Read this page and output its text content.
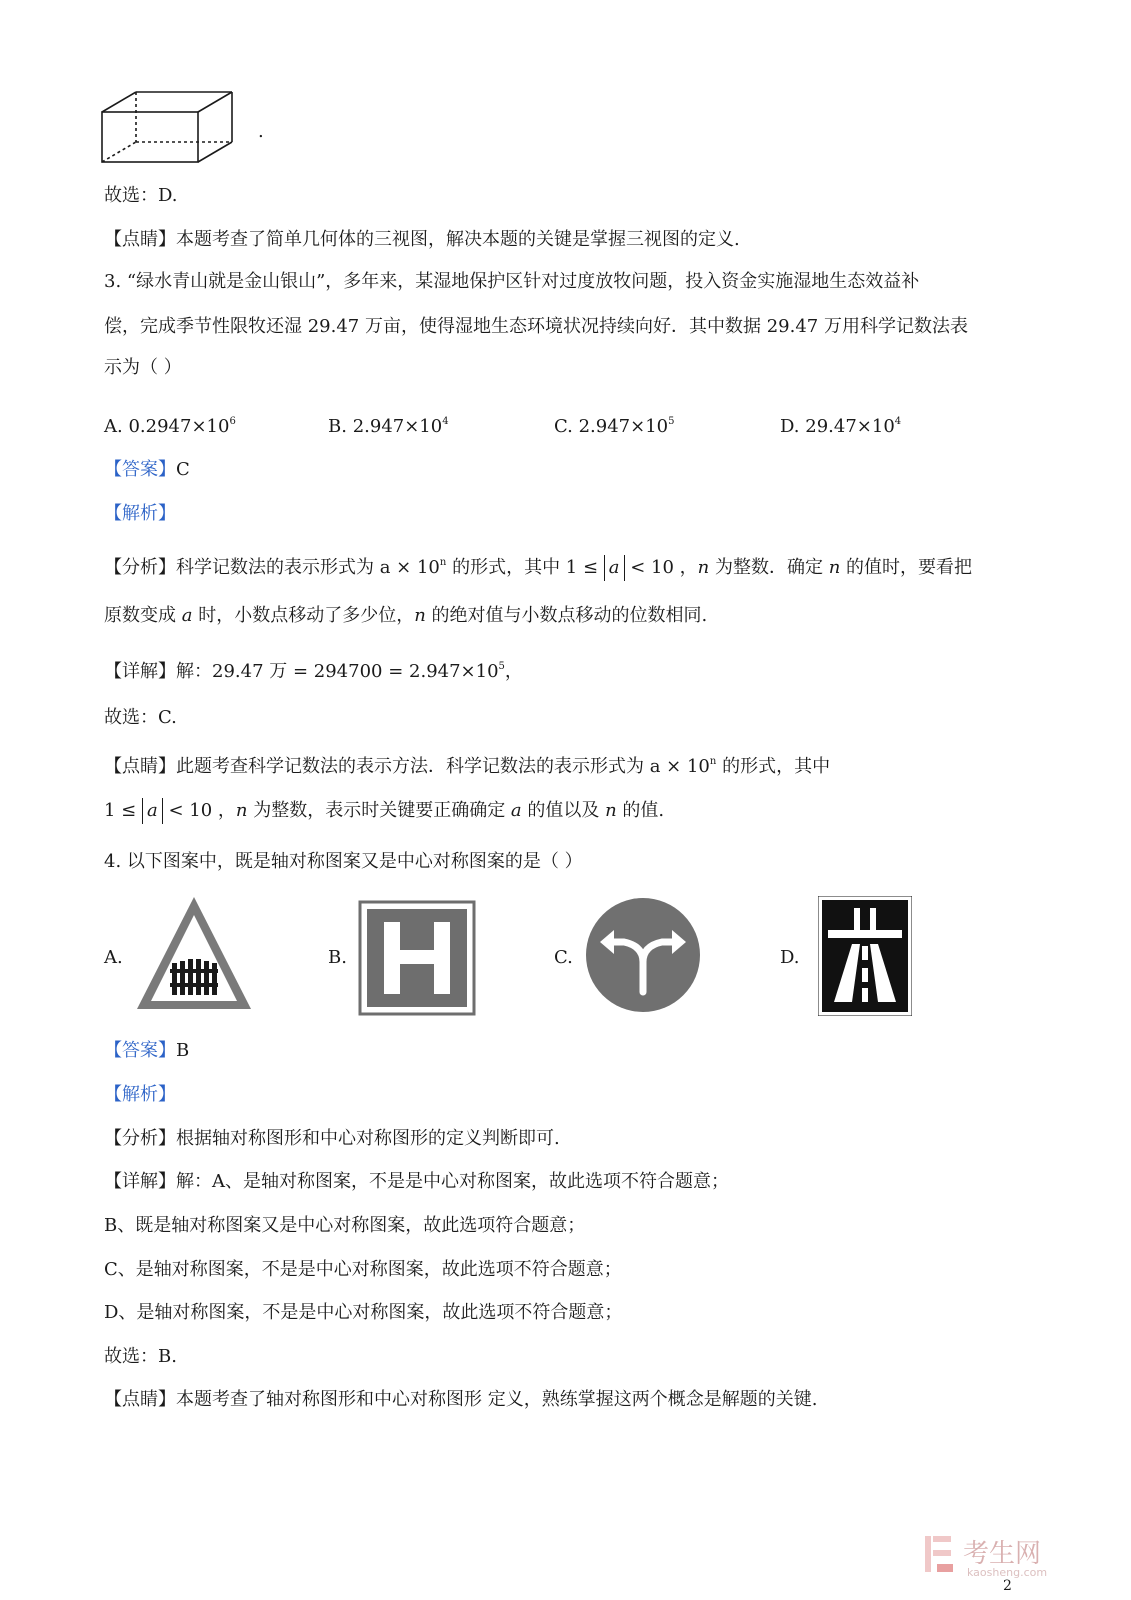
.
故选：D.
【点睛】本题考查了简单几何体的三视图，解决本题的关键是掌握三视图的定义.
3. “绿水青山就是金山银山”，多年来，某湿地保护区针对过度放牧问题，投入资金实施湿地生态效益补
偿，完成季节性限牧还湿 29.47 万亩，使得湿地生态环境状况持续向好．其中数据 29.47 万用科学记数法表
示为（ ）
A. $0.2947\times 10^6$	B. $2.947\times 10^4$	C. $2.947\times 10^5$	D. $29.47\times 10^4$
【答案】C
【解析】
【分析】科学记数法的表示形式为 $a \times 10^n$ 的形式，其中 1 ≤ a < 10 ，n 为整数．确定 n 的值时，要看把
原数变成 a 时，小数点移动了多少位，n 的绝对值与小数点移动的位数相同.
【详解】解：29.47 万 = $294700 = 2.947\times 10^5$，
故选：C.
【点睛】此题考查科学记数法的表示方法．科学记数法的表示形式为 $a \times 10^n$ 的形式，其中
1 ≤ a < 10 ，n 为整数，表示时关键要正确确定 a 的值以及 n 的值.
4. 以下图案中，既是轴对称图案又是中心对称图案的是（ ）
A.	B.	C.	D.
【答案】B
【解析】
【分析】根据轴对称图形和中心对称图形的定义判断即可.
【详解】解：A、是轴对称图案，不是是中心对称图案，故此选项不符合题意；
B、既是轴对称图案又是中心对称图案，故此选项符合题意；
C、是轴对称图案，不是是中心对称图案，故此选项不符合题意；
D、是轴对称图案，不是是中心对称图案，故此选项不符合题意；
故选：B.
【点睛】本题考查了轴对称图形和中心对称图形 定义，熟练掌握这两个概念是解题的关键.
考生网
kaosheng.com
2
